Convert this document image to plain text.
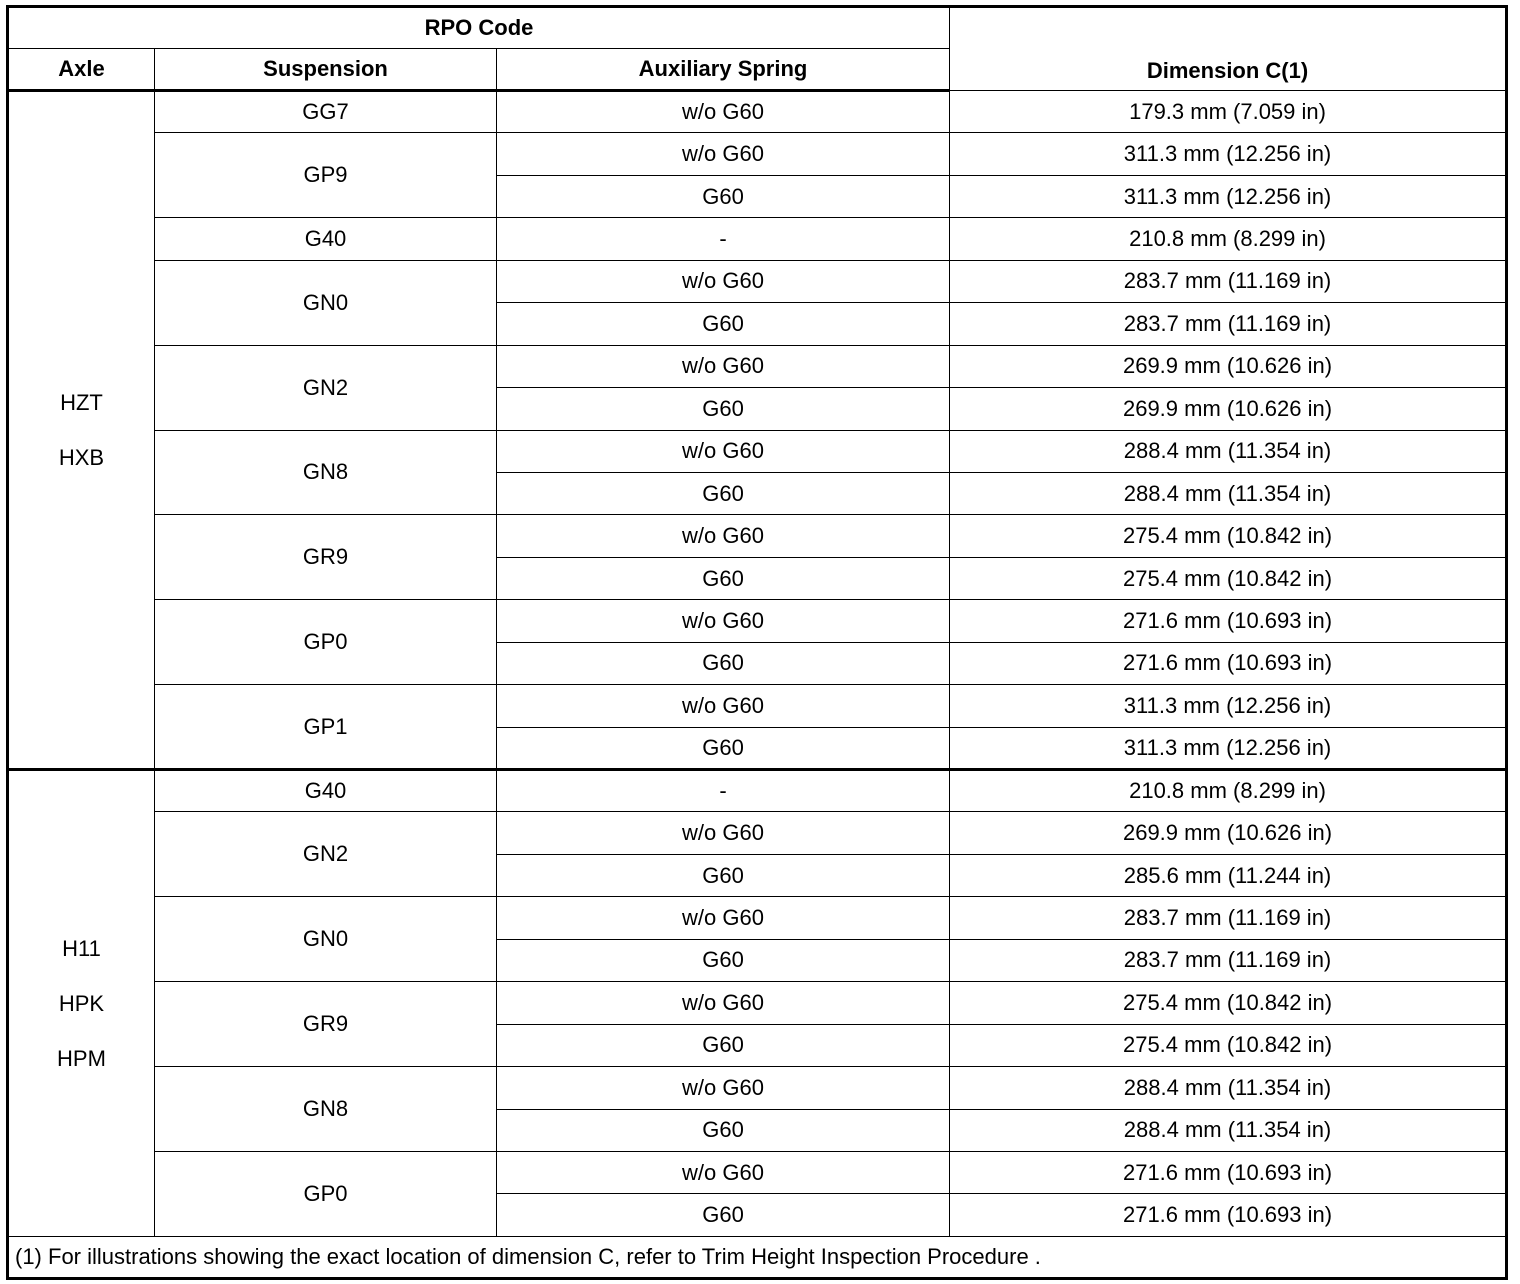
RPO Code			Dimension C(1)
Axle	Suspension	Auxiliary Spring	

HZT
HXB	GG7	w/o G60	179.3 mm (7.059 in)
	GP9	w/o G60	311.3 mm (12.256 in)
		G60	311.3 mm (12.256 in)
	G40	-	210.8 mm (8.299 in)
	GN0	w/o G60	283.7 mm (11.169 in)
		G60	283.7 mm (11.169 in)
	GN2	w/o G60	269.9 mm (10.626 in)
		G60	269.9 mm (10.626 in)
	GN8	w/o G60	288.4 mm (11.354 in)
		G60	288.4 mm (11.354 in)
	GR9	w/o G60	275.4 mm (10.842 in)
		G60	275.4 mm (10.842 in)
	GP0	w/o G60	271.6 mm (10.693 in)
		G60	271.6 mm (10.693 in)
	GP1	w/o G60	311.3 mm (12.256 in)
		G60	311.3 mm (12.256 in)

H11
HPK
HPM	G40	-	210.8 mm (8.299 in)
	GN2	w/o G60	269.9 mm (10.626 in)
		G60	285.6 mm (11.244 in)
	GN0	w/o G60	283.7 mm (11.169 in)
		G60	283.7 mm (11.169 in)
	GR9	w/o G60	275.4 mm (10.842 in)
		G60	275.4 mm (10.842 in)
	GN8	w/o G60	288.4 mm (11.354 in)
		G60	288.4 mm (11.354 in)
	GP0	w/o G60	271.6 mm (10.693 in)
		G60	271.6 mm (10.693 in)
(1) For illustrations showing the exact location of dimension C, refer to Trim Height Inspection Procedure .			
